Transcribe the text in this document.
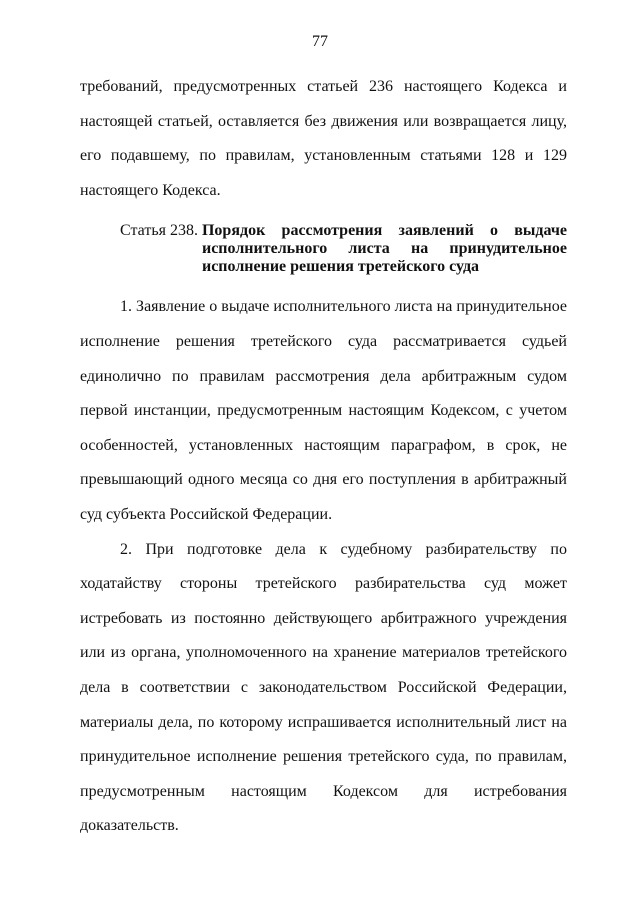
77

требований, предусмотренных статьей 236 настоящего Кодекса и настоящей статьей, оставляется без движения или возвращается лицу, его подавшему, по правилам, установленным статьями 128 и 129 настоящего Кодекса.

Статья 238. Порядок рассмотрения заявлений о выдаче исполнительного листа на принудительное исполнение решения третейского суда

1. Заявление о выдаче исполнительного листа на принудительное исполнение решения третейского суда рассматривается судьей единолично по правилам рассмотрения дела арбитражным судом первой инстанции, предусмотренным настоящим Кодексом, с учетом особенностей, установленных настоящим параграфом, в срок, не превышающий одного месяца со дня его поступления в арбитражный суд субъекта Российской Федерации.

2. При подготовке дела к судебному разбирательству по ходатайству стороны третейского разбирательства суд может истребовать из постоянно действующего арбитражного учреждения или из органа, уполномоченного на хранение материалов третейского дела в соответствии с законодательством Российской Федерации, материалы дела, по которому испрашивается исполнительный лист на принудительное исполнение решения третейского суда, по правилам, предусмотренным настоящим Кодексом для истребования доказательств.
